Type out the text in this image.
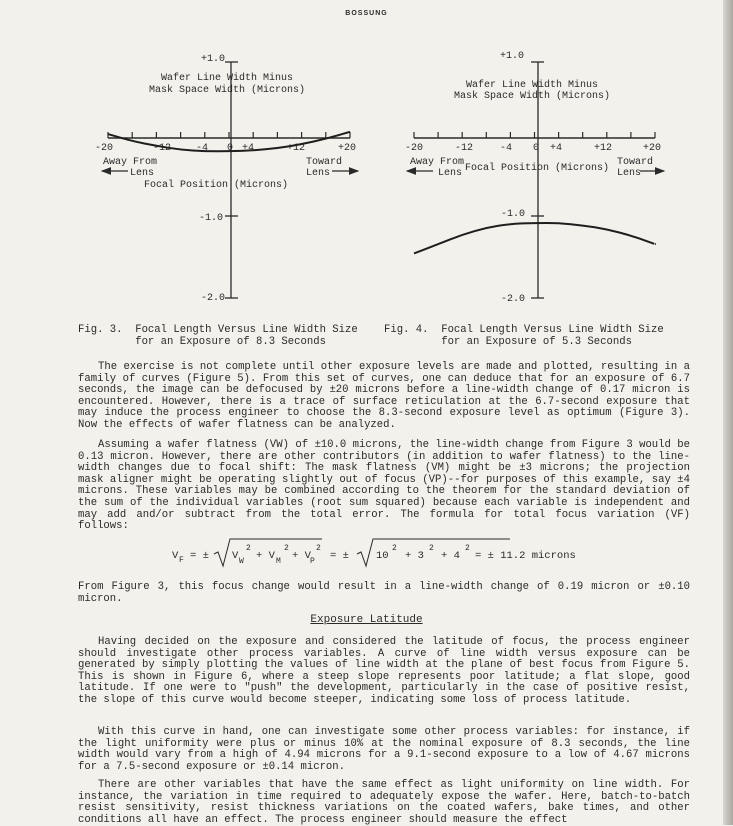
BOSSUNG
+1.0
-1.0
-2.0
Wafer Line Width Minus
Mask Space Width (Microns)
-20	-12 -4 0 +4	+12	+20
Away From
Lens
Toward
Lens
Focal Position (Microns)
+1.0
-1.0
-2.0
Wafer Line Width Minus
Mask Space Width (Microns)
-20	-12	-4 0 +4	+12	+20
Away From
Lens
Toward
Lens
Focal Position (Microns)
Fig. 3.  Focal Length Versus Line Width Size
for an Exposure of 8.3 Seconds
Fig. 4.  Focal Length Versus Line Width Size
for an Exposure of 5.3 Seconds

The exercise is not complete until other exposure levels are made and plotted, resulting in a family of curves (Figure 5). From this set of curves, one can deduce that for an exposure of 6.7 seconds, the image can be defocused by ±20 microns before a line-width change of 0.17 micron is encountered. However, there is a trace of surface reticulation at the 6.7-second exposure that may induce the process engineer to choose the 8.3-second exposure level as optimum (Figure 3). Now the effects of wafer flatness can be analyzed.

Assuming a wafer flatness (VW) of ±10.0 microns, the line-width change from Figure 3 would be 0.13 micron. However, there are other contributors (in addition to wafer flatness) to the line-width changes due to focal shift: The mask flatness (VM) might be ±3 microns; the projection mask aligner might be operating slightly out of focus (VP)--for purposes of this example, say ±4 microns. These variables may be combined according to the theorem for the standard deviation of the sum of the individual variables (root sum squared) because each variable is independent and may add and/or subtract from the total error. The formula for total focus variation (VF) follows:

V F = ± V W
2
+ V M
2
+ V P
2
= ±	10
2
+ 3
2
+ 4
2
= ± 11.2 microns

From Figure 3, this focus change would result in a line-width change of 0.19 micron or ±0.10 micron.

Exposure Latitude

Having decided on the exposure and considered the latitude of focus, the process engineer should investigate other process variables. A curve of line width versus exposure can be generated by simply plotting the values of line width at the plane of best focus from Figure 5. This is shown in Figure 6, where a steep slope represents poor latitude; a flat slope, good latitude. If one were to "push" the development, particularly in the case of positive resist, the slope of this curve would become steeper, indicating some loss of process latitude.

With this curve in hand, one can investigate some other process variables: for instance, if the light uniformity were plus or minus 10% at the nominal exposure of 8.3 seconds, the line width would vary from a high of 4.94 microns for a 9.1-second exposure to a low of 4.67 microns for a 7.5-second exposure or ±0.14 micron.

There are other variables that have the same effect as light uniformity on line width. For instance, the variation in time required to adequately expose the wafer. Here, batch-to-batch resist sensitivity, resist thickness variations on the coated wafers, bake times, and other conditions all have an effect. The process engineer should measure the effect
